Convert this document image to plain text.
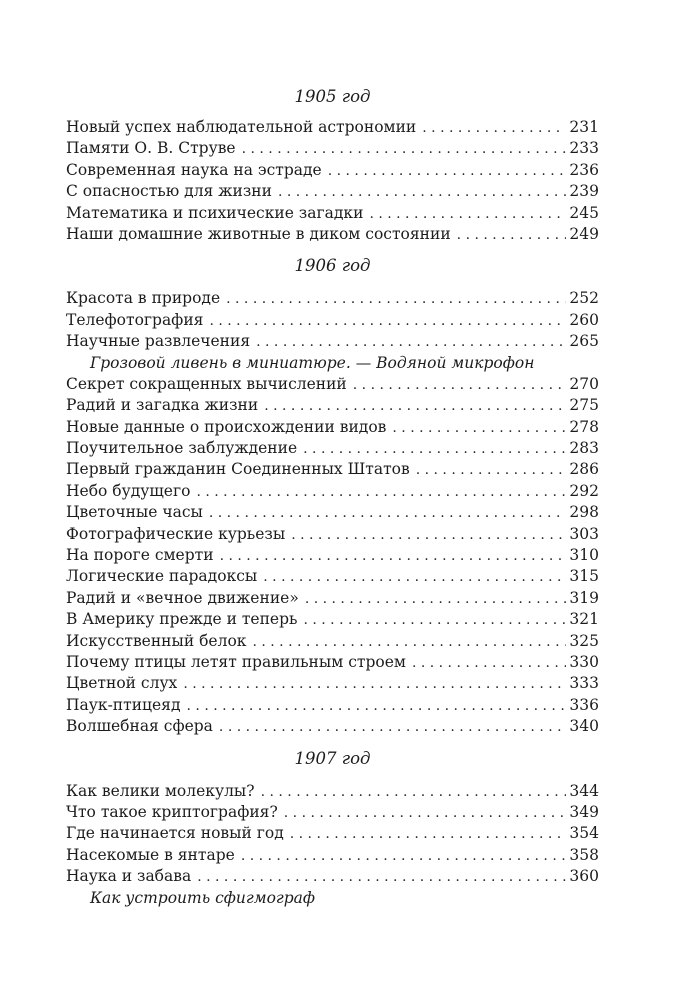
1905 год
Новый успех наблюдательной астрономии . . .	231
Памяти О. В. Струве . . .	233
Современная наука на эстраде . . .	236
С опасностью для жизни . . .	239
Математика и психические загадки . . .	245
Наши домашние животные в диком состоянии . . .	249
1906 год
Красота в природе . . .	252
Телефотография . . .	260
Научные развлечения . . .	265
Грозовой ливень в миниатюре. — Водяной микрофон
Секрет сокращенных вычислений . . .	270
Радий и загадка жизни . . .	275
Новые данные о происхождении видов . . .	278
Поучительное заблуждение . . .	283
Первый гражданин Соединенных Штатов . . .	286
Небо будущего . . .	292
Цветочные часы . . .	298
Фотографические курьезы . . .	303
На пороге смерти . . .	310
Логические парадоксы . . .	315
Радий и «вечное движение» . . .	319
В Америку прежде и теперь . . .	321
Искусственный белок . . .	325
Почему птицы летят правильным строем . . .	330
Цветной слух . . .	333
Паук-птицеяд . . .	336
Волшебная сфера . . .	340
1907 год
Как велики молекулы? . . .	344
Что такое криптография? . . .	349
Где начинается новый год . . .	354
Насекомые в янтаре . . .	358
Наука и забава . . .	360
Как устроить сфигмограф
